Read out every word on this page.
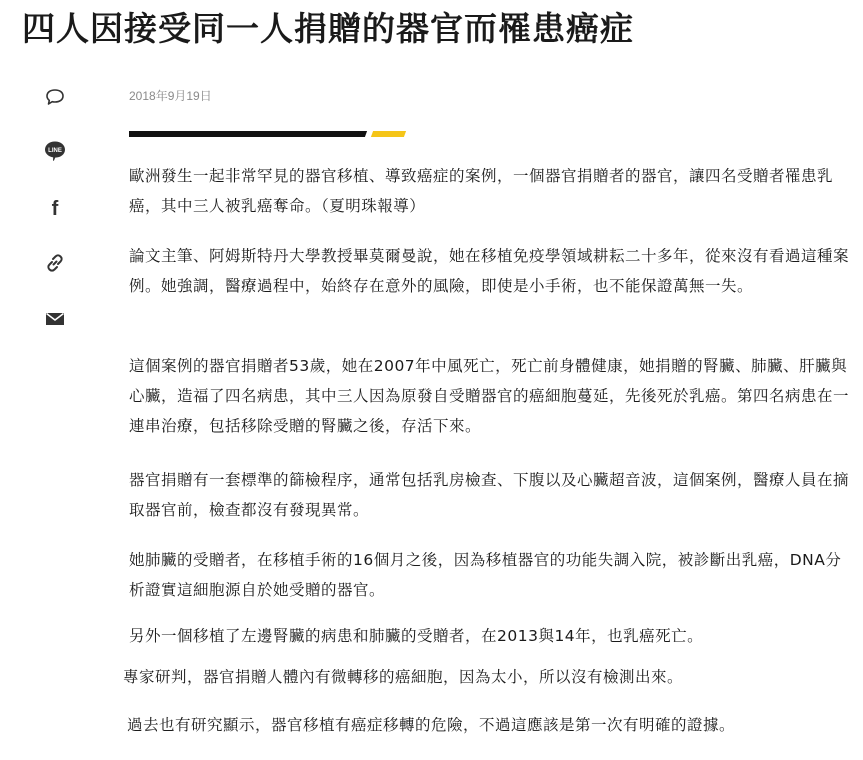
四人因接受同一人捐贈的器官而罹患癌症
LINE
f
2018年9月19日

歐洲發生一起非常罕見的器官移植、導致癌症的案例，一個器官捐贈者的器官，讓四名受贈者罹患乳癌，其中三人被乳癌奪命。（夏明珠報導）

論文主筆、阿姆斯特丹大學教授畢莫爾曼說，她在移植免疫學領域耕耘二十多年，從來沒有看過這種案例。她強調，醫療過程中，始終存在意外的風險，即使是小手術，也不能保證萬無一失。

這個案例的器官捐贈者53歲，她在2007年中風死亡，死亡前身體健康，她捐贈的腎臟、肺臟、肝臟與心臟，造福了四名病患，其中三人因為原發自受贈器官的癌細胞蔓延，先後死於乳癌。第四名病患在一連串治療，包括移除受贈的腎臟之後，存活下來。

器官捐贈有一套標準的篩檢程序，通常包括乳房檢查、下腹以及心臟超音波，這個案例，醫療人員在摘取器官前，檢查都沒有發現異常。

她肺臟的受贈者，在移植手術的16個月之後，因為移植器官的功能失調入院，被診斷出乳癌，DNA分析證實這細胞源自於她受贈的器官。

另外一個移植了左邊腎臟的病患和肺臟的受贈者，在2013與14年，也乳癌死亡。

專家研判，器官捐贈人體內有微轉移的癌細胞，因為太小，所以沒有檢測出來。

過去也有研究顯示，器官移植有癌症移轉的危險，不過這應該是第一次有明確的證據。
